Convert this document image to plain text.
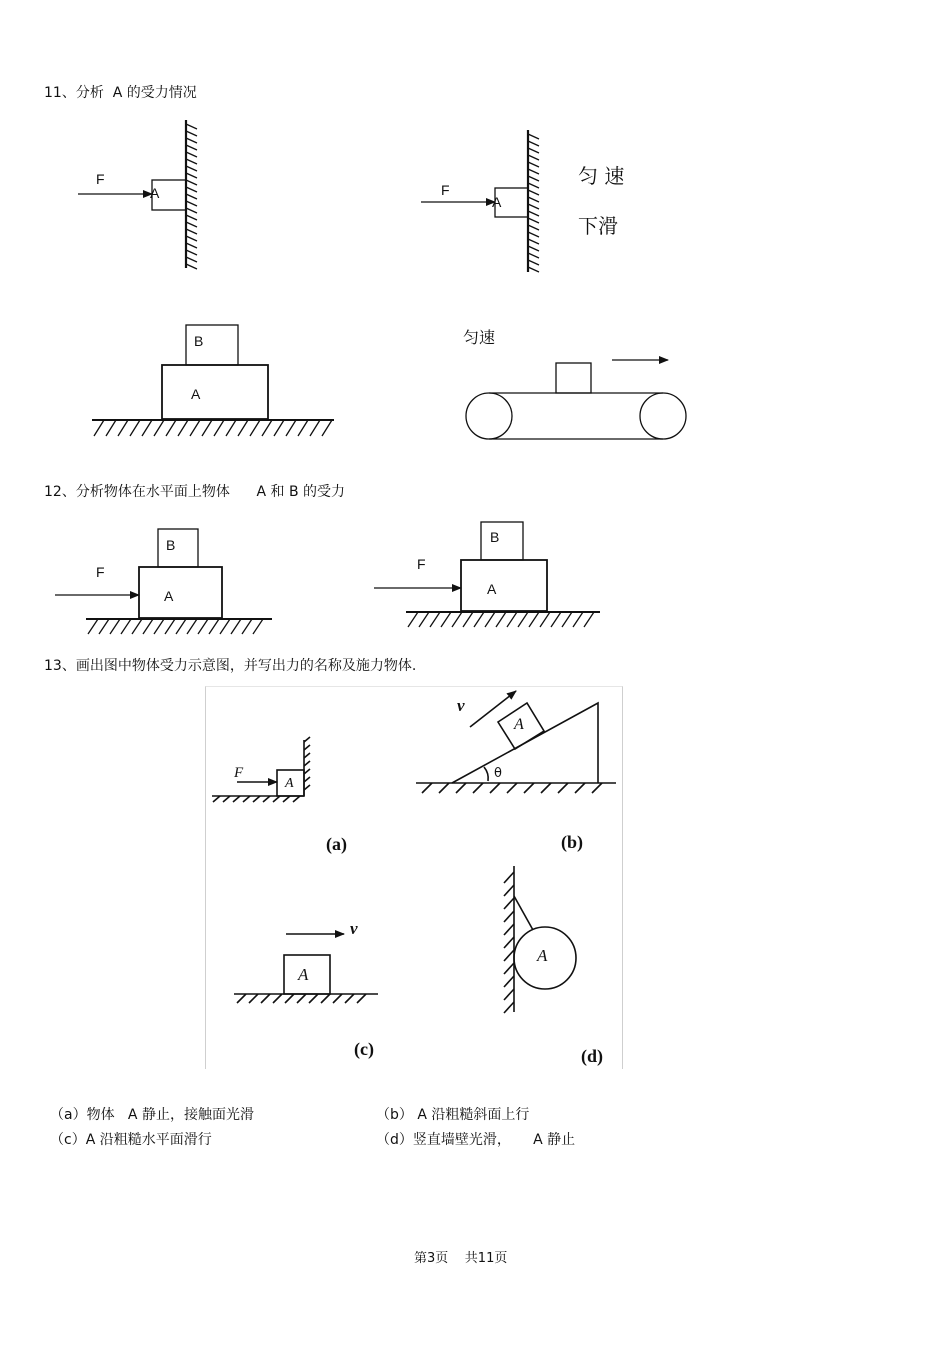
11、分析  A 的受力情况
F
A	F
A
匀 速
下滑
B
A
匀速
12、分析物体在水平面上物体      A 和 B 的受力
F
B
A
F
B
A
13、画出图中物体受力示意图，并写出力的名称及施力物体.
F
A
(a)
v
A
θ
(b)
v
A
(c)
A
(d)
（a）物体   A 静止，接触面光滑	（b） A 沿粗糙斜面上行
（c）A 沿粗糙水平面滑行	（d）竖直墙壁光滑，     A 静止
第3页    共11页
